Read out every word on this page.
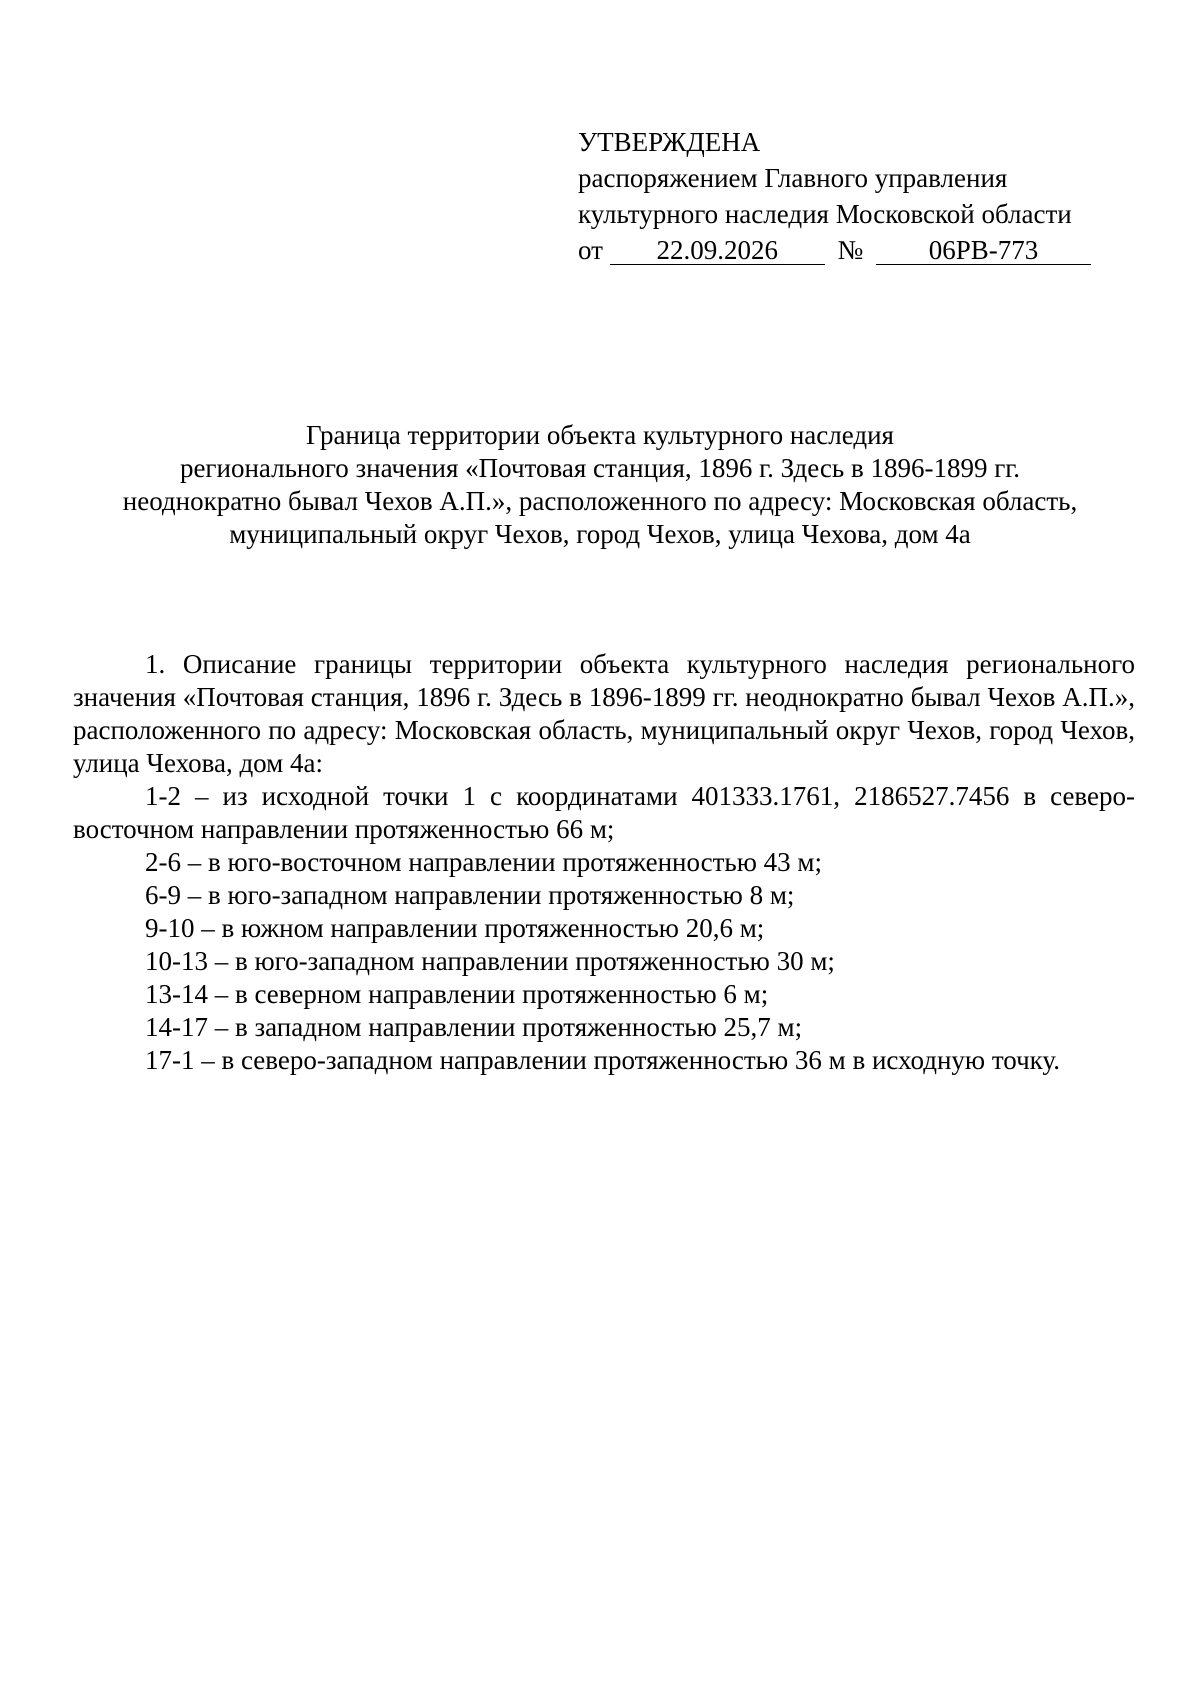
УТВЕРЖДЕНА
распоряжением Главного управления
культурного наследия Московской области
от 22.09.2026 № 06РВ-773
Граница территории объекта культурного наследия
регионального значения «Почтовая станция, 1896 г. Здесь в 1896-1899 гг.
неоднократно бывал Чехов А.П.», расположенного по адресу: Московская область,
муниципальный округ Чехов, город Чехов, улица Чехова, дом 4а

1. Описание границы территории объекта культурного наследия регионального значения «Почтовая станция, 1896 г. Здесь в 1896-1899 гг. неоднократно бывал Чехов А.П.», расположенного по адресу: Московская область, муниципальный округ Чехов, город Чехов, улица Чехова, дом 4а:

1-2 – из исходной точки 1 с координатами 401333.1761, 2186527.7456 в северо-восточном направлении протяженностью 66 м;

2-6 – в юго-восточном направлении протяженностью 43 м;

6-9 – в юго-западном направлении протяженностью 8 м;

9-10 – в южном направлении протяженностью 20,6 м;

10-13 – в юго-западном направлении протяженностью 30 м;

13-14 – в северном направлении протяженностью 6 м;

14-17 – в западном направлении протяженностью 25,7 м;

17-1 – в северо-западном направлении протяженностью 36 м в исходную точку.
